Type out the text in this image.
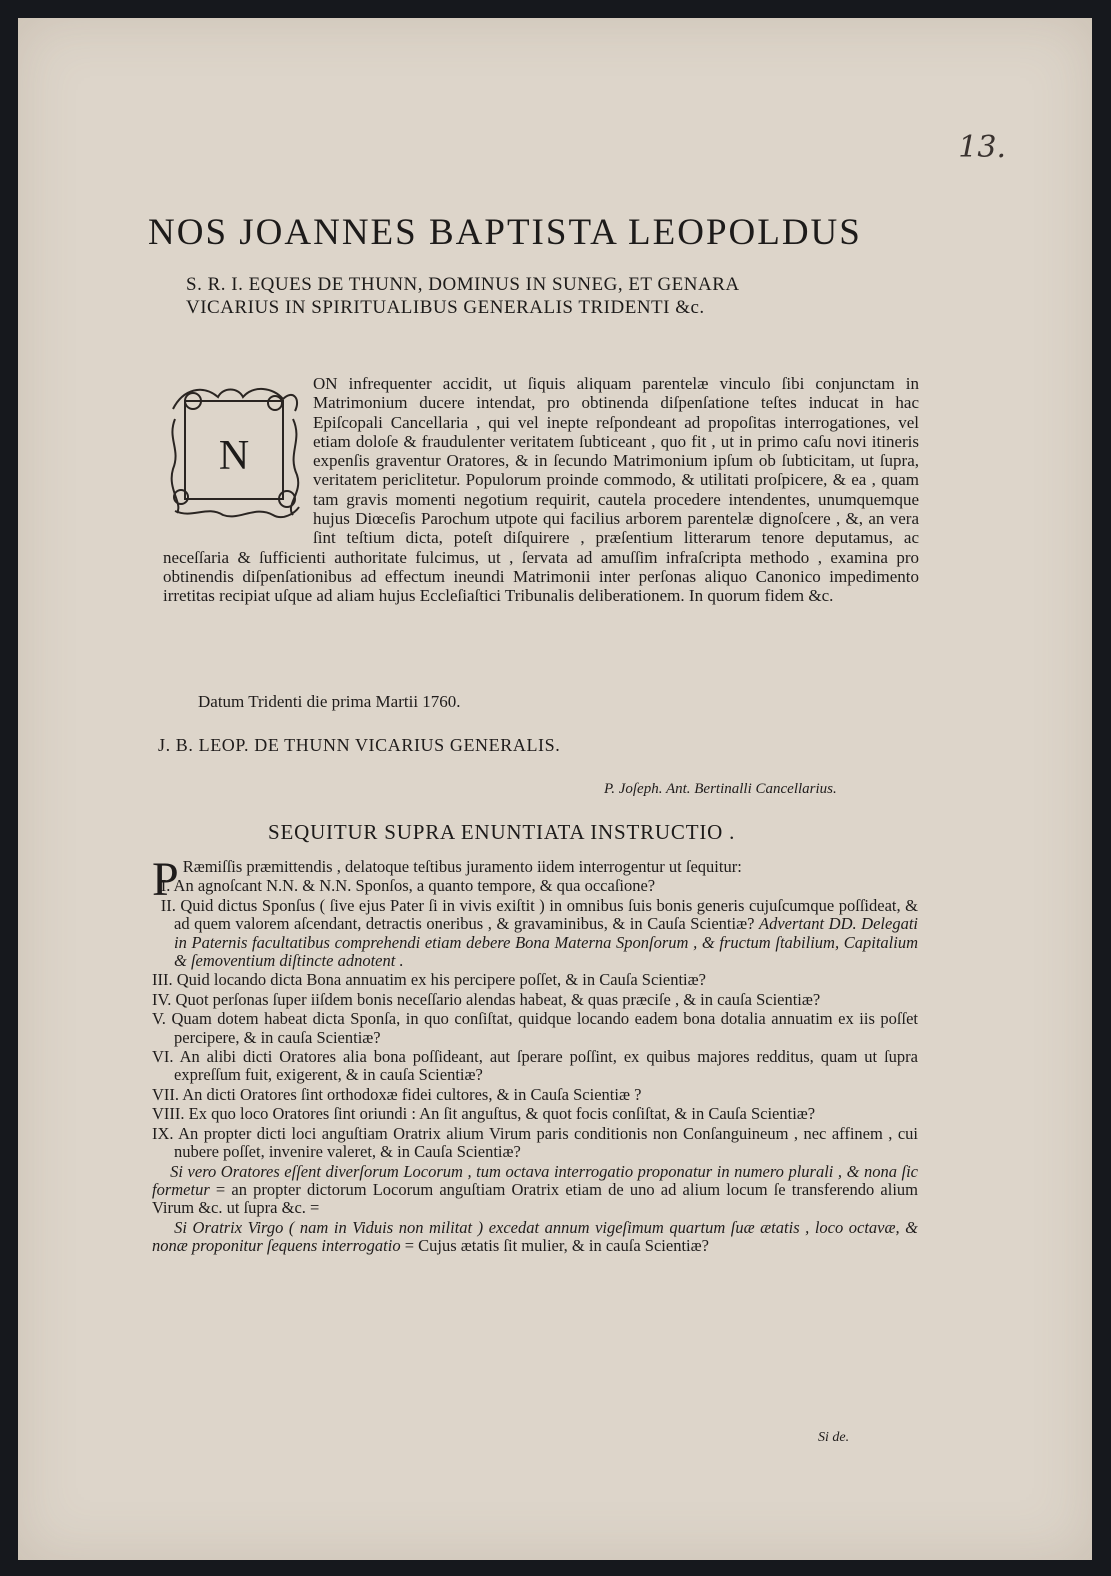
13.
NOS JOANNES BAPTISTA LEOPOLDUS
S. R. I. EQUES DE THUNN, DOMINUS IN SUNEG, ET GENARA
VICARIUS IN SPIRITUALIBUS GENERALIS TRIDENTI &c.
N
ON infrequenter accidit, ut ſiquis aliquam parentelæ vinculo ſibi conjunctam in Matrimonium ducere intendat, pro obtinenda diſpenſatione teſtes inducat in hac Epiſcopali Cancellaria , qui vel inepte reſpondeant ad propoſitas interrogationes, vel etiam doloſe & fraudulenter veritatem ſubticeant , quo fit , ut in primo caſu novi itineris expenſis graventur Oratores, & in ſecundo Matrimonium ipſum ob ſubticitam, ut ſupra, veritatem periclitetur. Populorum proinde commodo, & utilitati proſpicere, & ea , quam tam gravis momenti negotium requirit, cautela procedere intendentes, unumquemque hujus Diœceſis Parochum utpote qui facilius arborem parentelæ dignoſcere , &, an vera ſint teſtium dicta, poteſt diſquirere , præſentium litterarum tenore deputamus, ac neceſſaria & ſufficienti authoritate fulcimus, ut , ſervata ad amuſſim infraſcripta methodo , examina pro obtinendis diſpenſationibus ad effectum ineundi Matrimonii inter perſonas aliquo Canonico impedimento irretitas recipiat uſque ad aliam hujus Eccleſiaſtici Tribunalis deliberationem. In quorum fidem &c.
Datum Tridenti die prima Martii 1760.
J. B. LEOP. DE THUNN VICARIUS GENERALIS.
P. Joſeph. Ant. Bertinalli Cancellarius.
SEQUITUR SUPRA ENUNTIATA INSTRUCTIO .

P Ræmiſſis præmittendis , delatoque teſtibus juramento iidem interrogentur ut ſequitur:

I. An agnoſcant N.N. & N.N. Sponſos, a quanto tempore, & qua occaſione?

II. Quid dictus Sponſus ( ſive ejus Pater ſi in vivis exiſtit ) in omnibus ſuis bonis generis cujuſcumque poſſideat, & ad quem valorem aſcendant, detractis oneribus , & gravaminibus, & in Cauſa Scientiæ? Advertant DD. Delegati in Paternis facultatibus comprehendi etiam debere Bona Materna Sponſorum , & fructum ſtabilium, Capitalium & ſemoventium diſtincte adnotent .

III. Quid locando dicta Bona annuatim ex his percipere poſſet, & in Cauſa Scientiæ?

IV. Quot perſonas ſuper iiſdem bonis neceſſario alendas habeat, & quas præciſe , & in cauſa Scientiæ?

V. Quam dotem habeat dicta Sponſa, in quo conſiſtat, quidque locando eadem bona dotalia annuatim ex iis poſſet percipere, & in cauſa Scientiæ?

VI. An alibi dicti Oratores alia bona poſſideant, aut ſperare poſſint, ex quibus majores redditus, quam ut ſupra expreſſum fuit, exigerent, & in cauſa Scientiæ?

VII. An dicti Oratores ſint orthodoxæ fidei cultores, & in Cauſa Scientiæ ?

VIII. Ex quo loco Oratores ſint oriundi : An ſit anguſtus, & quot focis conſiſtat, & in Cauſa Scientiæ?

IX. An propter dicti loci anguſtiam Oratrix alium Virum paris conditionis non Conſanguineum , nec affinem , cui nubere poſſet, invenire valeret, & in Cauſa Scientiæ?

Si vero Oratores eſſent diverſorum Locorum , tum octava interrogatio proponatur in numero plurali , & nona ſic formetur = an propter dictorum Locorum anguſtiam Oratrix etiam de uno ad alium locum ſe transferendo alium Virum &c. ut ſupra &c. =

Si Oratrix Virgo ( nam in Viduis non militat ) excedat annum vigeſimum quartum ſuæ ætatis , loco octavæ, & nonæ proponitur ſequens interrogatio = Cujus ætatis ſit mulier, & in cauſa Scientiæ?

Si de.
